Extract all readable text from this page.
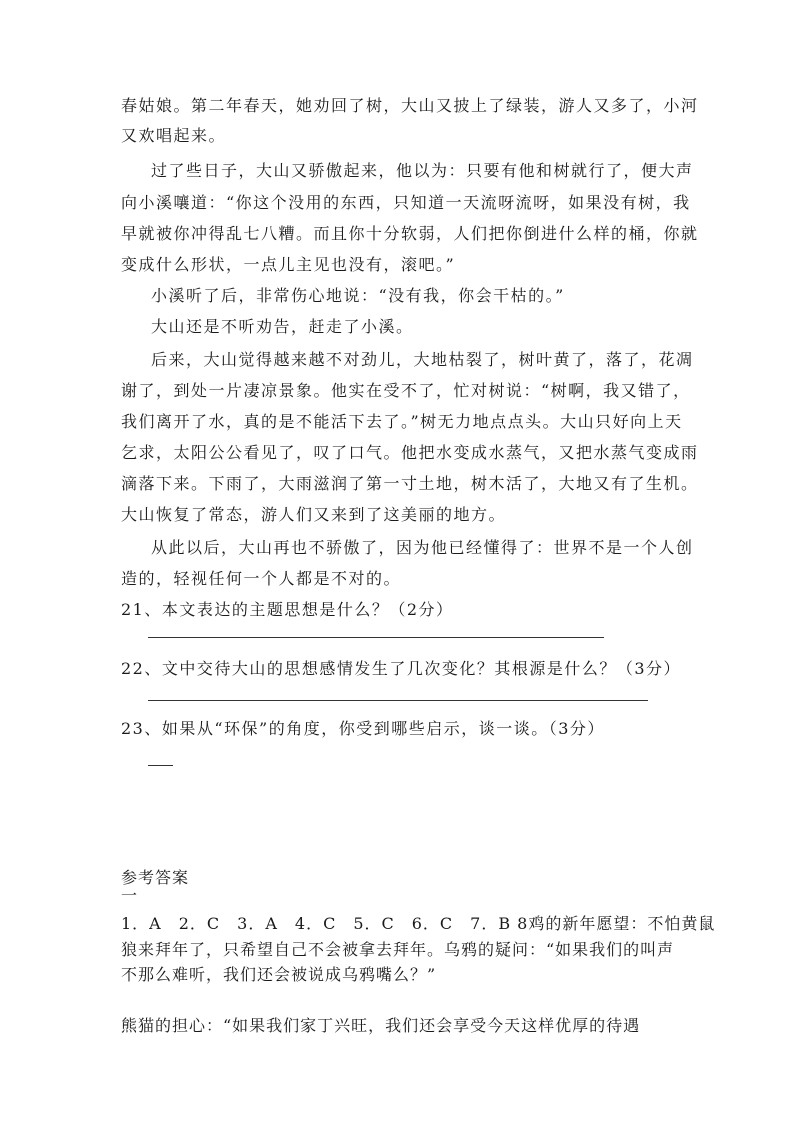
春姑娘。第二年春天，她劝回了树，大山又披上了绿装，游人又多了，小河
又欢唱起来。
过了些日子，大山又骄傲起来，他以为：只要有他和树就行了，便大声
向小溪嚷道：“你这个没用的东西，只知道一天流呀流呀，如果没有树，我
早就被你冲得乱七八糟。而且你十分软弱，人们把你倒进什么样的桶，你就
变成什么形状，一点儿主见也没有，滚吧。”
小溪听了后，非常伤心地说：“没有我，你会干枯的。”
大山还是不听劝告，赶走了小溪。
后来，大山觉得越来越不对劲儿，大地枯裂了，树叶黄了，落了，花凋
谢了，到处一片凄凉景象。他实在受不了，忙对树说：“树啊，我又错了，
我们离开了水，真的是不能活下去了。”树无力地点点头。大山只好向上天
乞求，太阳公公看见了，叹了口气。他把水变成水蒸气，又把水蒸气变成雨
滴落下来。下雨了，大雨滋润了第一寸土地，树木活了，大地又有了生机。
大山恢复了常态，游人们又来到了这美丽的地方。
从此以后，大山再也不骄傲了，因为他已经懂得了：世界不是一个人创
造的，轻视任何一个人都是不对的。
21、本文表达的主题思想是什么？（2分）
22、文中交待大山的思想感情发生了几次变化？其根源是什么？（3分）
23、如果从“环保”的角度，你受到哪些启示，谈一谈。（3分）
参考答案
一
1．A　2．C　3．A　4．C　5．C　6．C　7．B 8鸡的新年愿望：不怕黄鼠
狼来拜年了，只希望自己不会被拿去拜年。乌鸦的疑问：“如果我们的叫声
不那么难听，我们还会被说成乌鸦嘴么？”
熊猫的担心：“如果我们家丁兴旺，我们还会享受今天这样优厚的待遇
